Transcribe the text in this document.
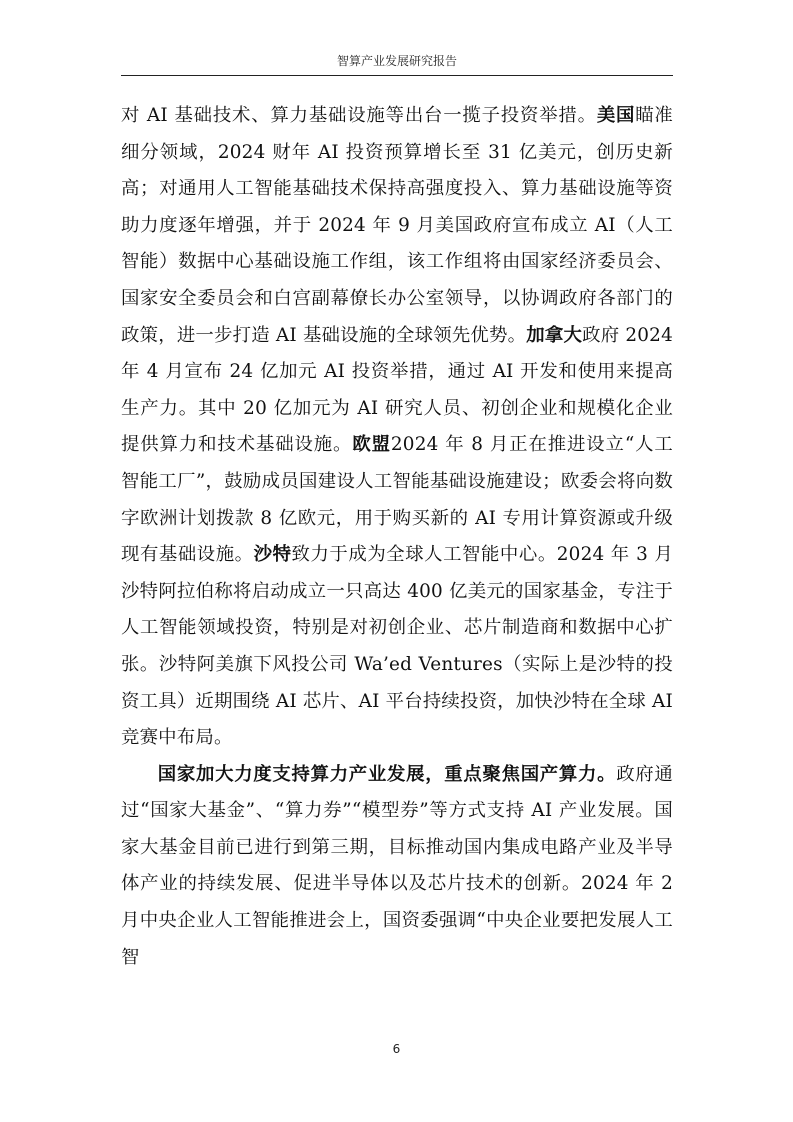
智算产业发展研究报告

对 AI 基础技术、算力基础设施等出台一揽子投资举措。美国瞄准细分领域，2024 财年 AI 投资预算增长至 31 亿美元，创历史新高；对通用人工智能基础技术保持高强度投入、算力基础设施等资助力度逐年增强，并于 2024 年 9 月美国政府宣布成立 AI（人工智能）数据中心基础设施工作组，该工作组将由国家经济委员会、国家安全委员会和白宫副幕僚长办公室领导，以协调政府各部门的政策，进一步打造 AI 基础设施的全球领先优势。加拿大政府 2024 年 4 月宣布 24 亿加元 AI 投资举措，通过 AI 开发和使用来提高生产力。其中 20 亿加元为 AI 研究人员、初创企业和规模化企业提供算力和技术基础设施。欧盟2024 年 8 月正在推进设立“人工智能工厂”，鼓励成员国建设人工智能基础设施建设；欧委会将向数字欧洲计划拨款 8 亿欧元，用于购买新的 AI 专用计算资源或升级现有基础设施。沙特致力于成为全球人工智能中心。2024 年 3 月沙特阿拉伯称将启动成立一只高达 400 亿美元的国家基金，专注于人工智能领域投资，特别是对初创企业、芯片制造商和数据中心扩张。沙特阿美旗下风投公司 Wa’ed Ventures（实际上是沙特的投资工具）近期围绕 AI 芯片、AI 平台持续投资，加快沙特在全球 AI 竞赛中布局。

国家加大力度支持算力产业发展，重点聚焦国产算力。政府通过“国家大基金”、“算力券”“模型券”等方式支持 AI 产业发展。国家大基金目前已进行到第三期，目标推动国内集成电路产业及半导体产业的持续发展、促进半导体以及芯片技术的创新。2024 年 2 月中央企业人工智能推进会上，国资委强调“中央企业要把发展人工智

6
